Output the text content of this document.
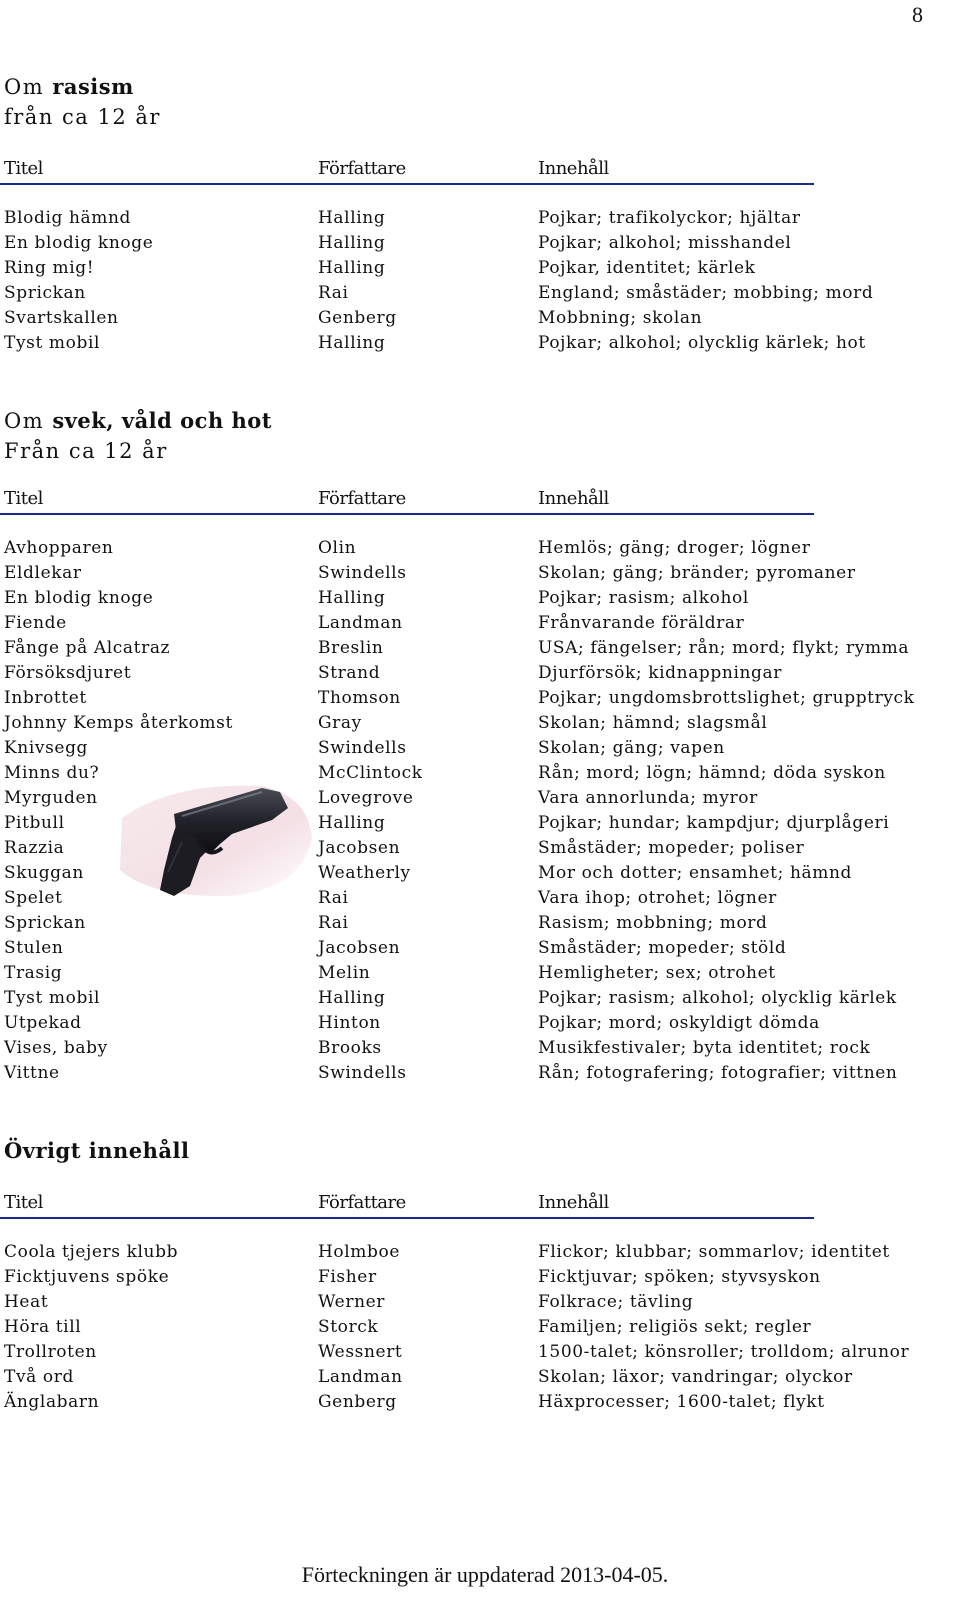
8
Om rasism
från ca 12 år
Titel	Författare	Innehåll
Blodig hämnd	Halling	Pojkar; trafikolyckor; hjältar
En blodig knoge	Halling	Pojkar; alkohol; misshandel
Ring mig!	Halling	Pojkar, identitet; kärlek
Sprickan	Rai	England; småstäder; mobbing; mord
Svartskallen	Genberg	Mobbning; skolan
Tyst mobil	Halling	Pojkar; alkohol; olycklig kärlek; hot
Om svek, våld och hot
Från ca 12 år
Titel	Författare	Innehåll
Avhopparen	Olin	Hemlös; gäng; droger; lögner
Eldlekar	Swindells	Skolan; gäng; bränder; pyromaner
En blodig knoge	Halling	Pojkar; rasism; alkohol
Fiende	Landman	Frånvarande föräldrar
Fånge på Alcatraz	Breslin	USA; fängelser; rån; mord; flykt; rymma
Försöksdjuret	Strand	Djurförsök; kidnappningar
Inbrottet	Thomson	Pojkar; ungdomsbrottslighet; grupptryck
Johnny Kemps återkomst	Gray	Skolan; hämnd; slagsmål
Knivsegg	Swindells	Skolan; gäng; vapen
Minns du?	McClintock	Rån; mord; lögn; hämnd; döda syskon
Myrguden	Lovegrove	Vara annorlunda; myror
Pitbull	Halling	Pojkar; hundar; kampdjur; djurplågeri
Razzia	Jacobsen	Småstäder; mopeder; poliser
Skuggan	Weatherly	Mor och dotter; ensamhet; hämnd
Spelet	Rai	Vara ihop; otrohet; lögner
Sprickan	Rai	Rasism; mobbning; mord
Stulen	Jacobsen	Småstäder; mopeder; stöld
Trasig	Melin	Hemligheter; sex; otrohet
Tyst mobil	Halling	Pojkar; rasism; alkohol; olycklig kärlek
Utpekad	Hinton	Pojkar; mord; oskyldigt dömda
Vises, baby	Brooks	Musikfestivaler; byta identitet; rock
Vittne	Swindells	Rån; fotografering; fotografier; vittnen
Övrigt innehåll
Titel	Författare	Innehåll
Coola tjejers klubb	Holmboe	Flickor; klubbar; sommarlov; identitet
Ficktjuvens spöke	Fisher	Ficktjuvar; spöken; styvsyskon
Heat	Werner	Folkrace; tävling
Höra till	Storck	Familjen; religiös sekt; regler
Trollroten	Wessnert	1500-talet; könsroller; trolldom; alrunor
Två ord	Landman	Skolan; läxor; vandringar; olyckor
Änglabarn	Genberg	Häxprocesser; 1600-talet; flykt
Förteckningen är uppdaterad 2013-04-05.
